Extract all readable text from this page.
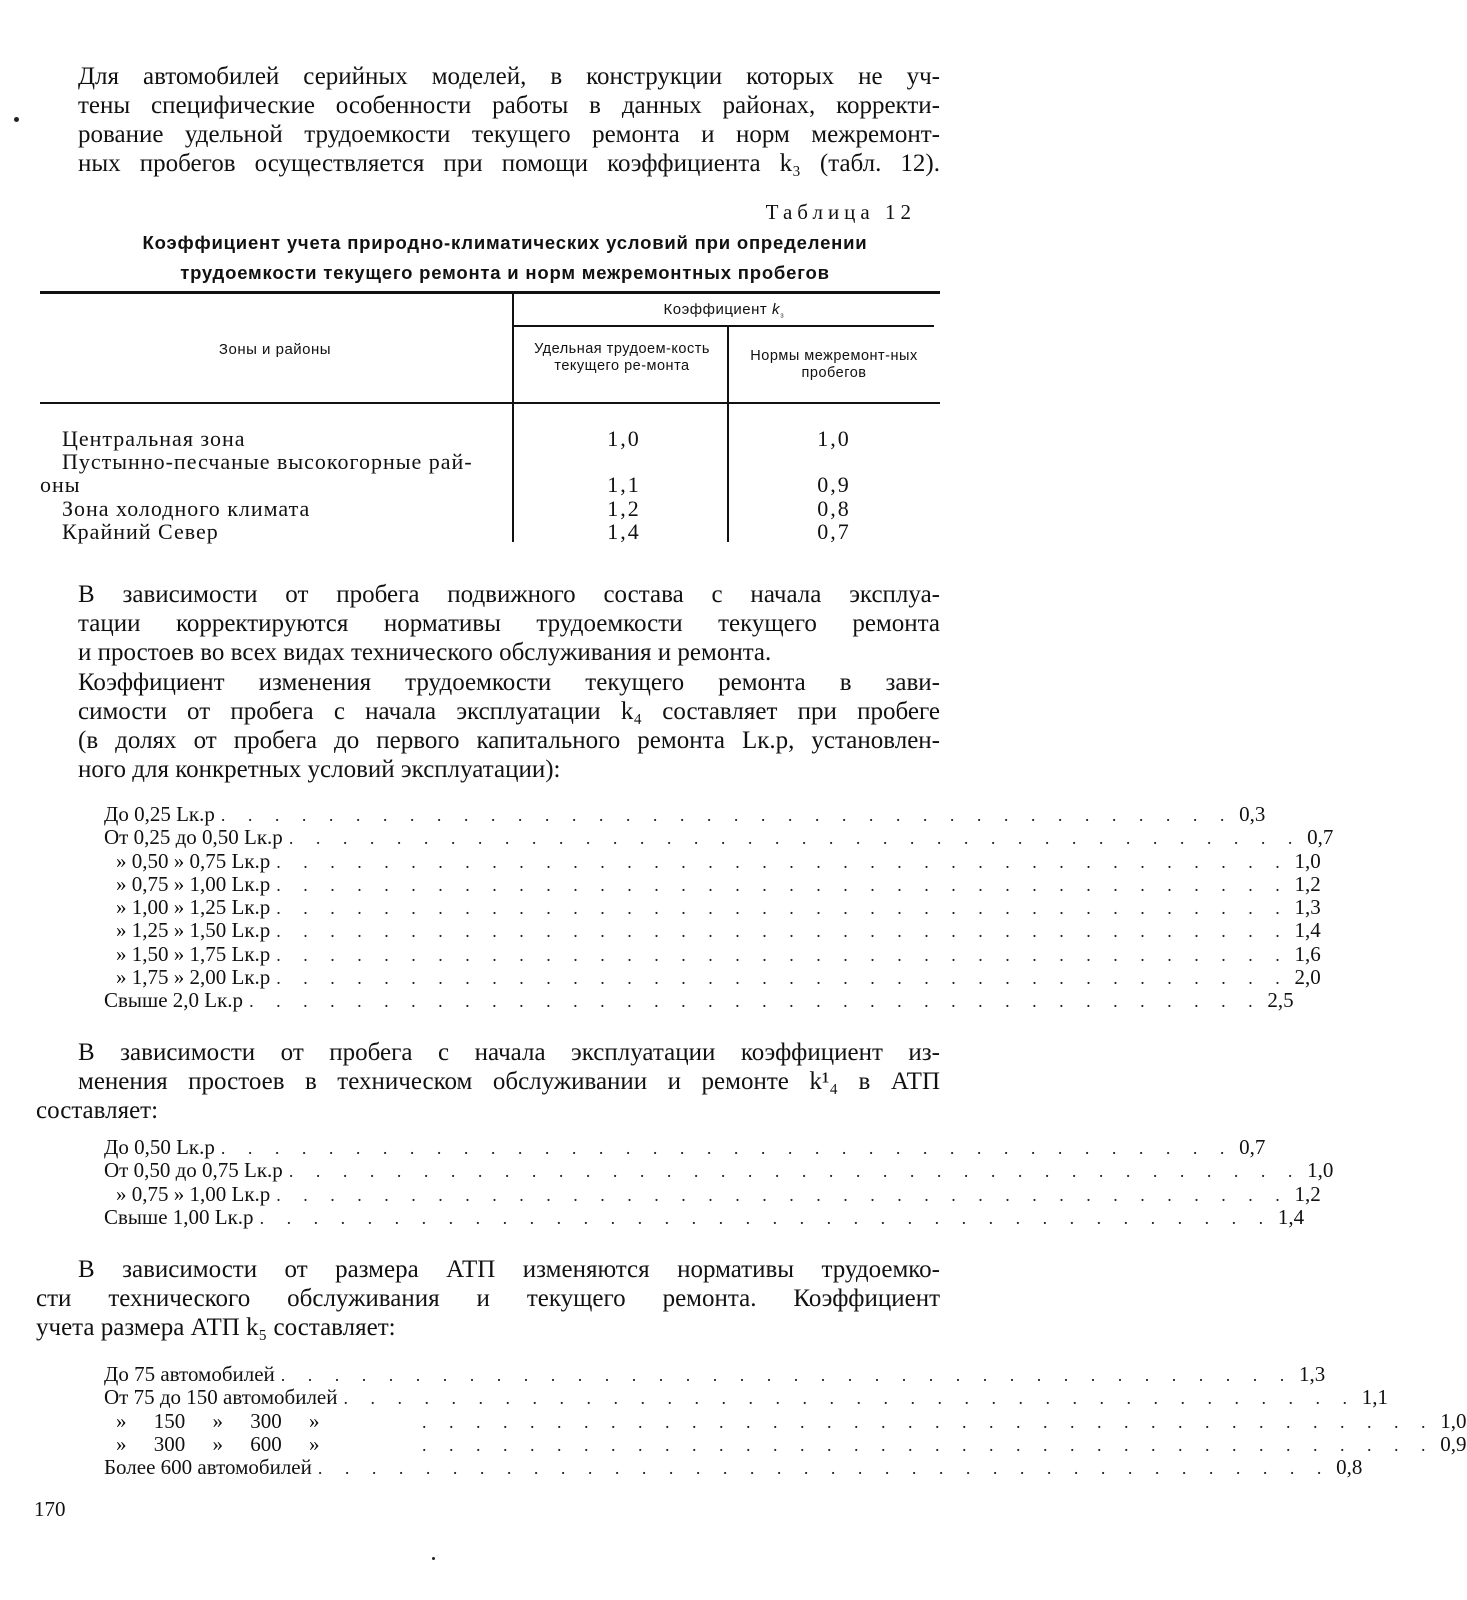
Для автомобилей серийных моделей, в конструкции которых не уч-
тены специфические особенности работы в данных районах, корректи-
рование удельной трудоемкости текущего ремонта и норм межремонт-
ных пробегов осуществляется при помощи коэффициента k₃ (табл. 12).
Таблица 12
Коэффициент учета природно-климатических условий при определении
трудоемкости текущего ремонта и норм межремонтных пробегов
Зоны и районы
Коэффициент $k_{_3}$
Удельная трудоем-кость текущего ре-монта
Нормы межремонт-ных пробегов
Центральная зона	1,0	1,0
Пустынно-песчаные высокогорные рай-
оны	1,1	0,9
Зона холодного климата	1,2	0,8
Крайний Север	1,4	0,7
В зависимости от пробега подвижного состава с начала эксплуа-
тации корректируются нормативы трудоемкости текущего ремонта
и простоев во всех видах технического обслуживания и ремонта.
Коэффициент изменения трудоемкости текущего ремонта в зави-
симости от пробега с начала эксплуатации k₄ составляет при пробеге
(в долях от пробега до первого капитального ремонта Lк.р, установлен-
ного для конкретных условий эксплуатации):
До 0,25 Lк.р . . . . . . . . . . . . . . . . . . . . . . . . . . . . . . . . . . . . . . 0,3
От 0,25 до 0,50 Lк.р . . . . . . . . . . . . . . . . . . . . . . . . . . . . . . . . . . . . . . 0,7
» 0,50 » 0,75 Lк.р . . . . . . . . . . . . . . . . . . . . . . . . . . . . . . . . . . . . . . 1,0
» 0,75 » 1,00 Lк.р . . . . . . . . . . . . . . . . . . . . . . . . . . . . . . . . . . . . . . 1,2
» 1,00 » 1,25 Lк.р . . . . . . . . . . . . . . . . . . . . . . . . . . . . . . . . . . . . . . 1,3
» 1,25 » 1,50 Lк.р . . . . . . . . . . . . . . . . . . . . . . . . . . . . . . . . . . . . . . 1,4
» 1,50 » 1,75 Lк.р . . . . . . . . . . . . . . . . . . . . . . . . . . . . . . . . . . . . . . 1,6
» 1,75 » 2,00 Lк.р . . . . . . . . . . . . . . . . . . . . . . . . . . . . . . . . . . . . . . 2,0
Свыше 2,0 Lк.р . . . . . . . . . . . . . . . . . . . . . . . . . . . . . . . . . . . . . . 2,5
В зависимости от пробега с начала эксплуатации коэффициент из-
менения простоев в техническом обслуживании и ремонте k¹₄ в АТП
составляет:
До 0,50 Lк.р . . . . . . . . . . . . . . . . . . . . . . . . . . . . . . . . . . . . . . 0,7
От 0,50 до 0,75 Lк.р . . . . . . . . . . . . . . . . . . . . . . . . . . . . . . . . . . . . . . 1,0
» 0,75 » 1,00 Lк.р . . . . . . . . . . . . . . . . . . . . . . . . . . . . . . . . . . . . . . 1,2
Свыше 1,00 Lк.р . . . . . . . . . . . . . . . . . . . . . . . . . . . . . . . . . . . . . . 1,4
В зависимости от размера АТП изменяются нормативы трудоемко-
сти технического обслуживания и текущего ремонта. Коэффициент
учета размера АТП k₅ составляет:
До 75 автомобилей . . . . . . . . . . . . . . . . . . . . . . . . . . . . . . . . . . . . . . 1,3
От 75 до 150 автомобилей . . . . . . . . . . . . . . . . . . . . . . . . . . . . . . . . . . . . . . 1,1
» 150 » 300 »	. . . . . . . . . . . . . . . . . . . . . . . . . . . . . . . . . . . . . . 1,0
» 300 » 600 »	. . . . . . . . . . . . . . . . . . . . . . . . . . . . . . . . . . . . . . 0,9
Более 600 автомобилей . . . . . . . . . . . . . . . . . . . . . . . . . . . . . . . . . . . . . . 0,8
170
